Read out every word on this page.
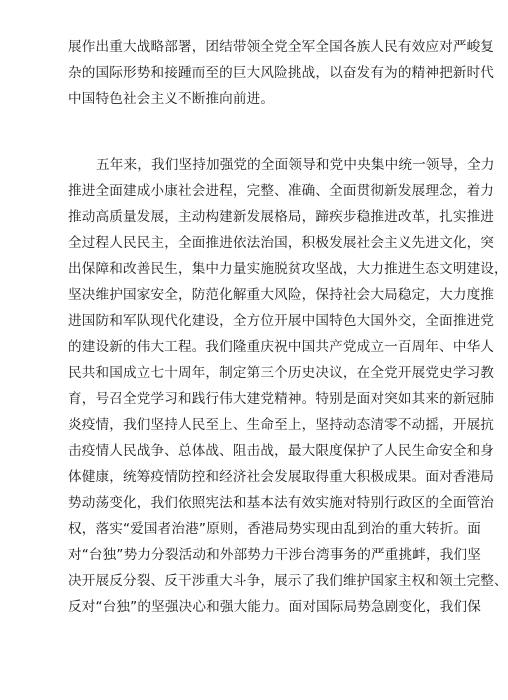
展作出重大战略部署，团结带领全党全军全国各族人民有效应对严峻复
杂的国际形势和接踵而至的巨大风险挑战，以奋发有为的精神把新时代
中国特色社会主义不断推向前进。
五年来，我们坚持加强党的全面领导和党中央集中统一领导，全力
推进全面建成小康社会进程，完整、准确、全面贯彻新发展理念，着力
推动高质量发展，主动构建新发展格局，蹄疾步稳推进改革，扎实推进
全过程人民民主，全面推进依法治国，积极发展社会主义先进文化，突
出保障和改善民生，集中力量实施脱贫攻坚战，大力推进生态文明建设，
坚决维护国家安全，防范化解重大风险，保持社会大局稳定，大力度推
进国防和军队现代化建设，全方位开展中国特色大国外交，全面推进党
的建设新的伟大工程。我们隆重庆祝中国共产党成立一百周年、中华人
民共和国成立七十周年，制定第三个历史决议，在全党开展党史学习教
育，号召全党学习和践行伟大建党精神。特别是面对突如其来的新冠肺
炎疫情，我们坚持人民至上、生命至上，坚持动态清零不动摇，开展抗
击疫情人民战争、总体战、阻击战，最大限度保护了人民生命安全和身
体健康，统筹疫情防控和经济社会发展取得重大积极成果。面对香港局
势动荡变化，我们依照宪法和基本法有效实施对特别行政区的全面管治
权，落实“爱国者治港”原则，香港局势实现由乱到治的重大转折。面
对“台独”势力分裂活动和外部势力干涉台湾事务的严重挑衅，我们坚
决开展反分裂、反干涉重大斗争，展示了我们维护国家主权和领土完整、
反对“台独”的坚强决心和强大能力。面对国际局势急剧变化，我们保
